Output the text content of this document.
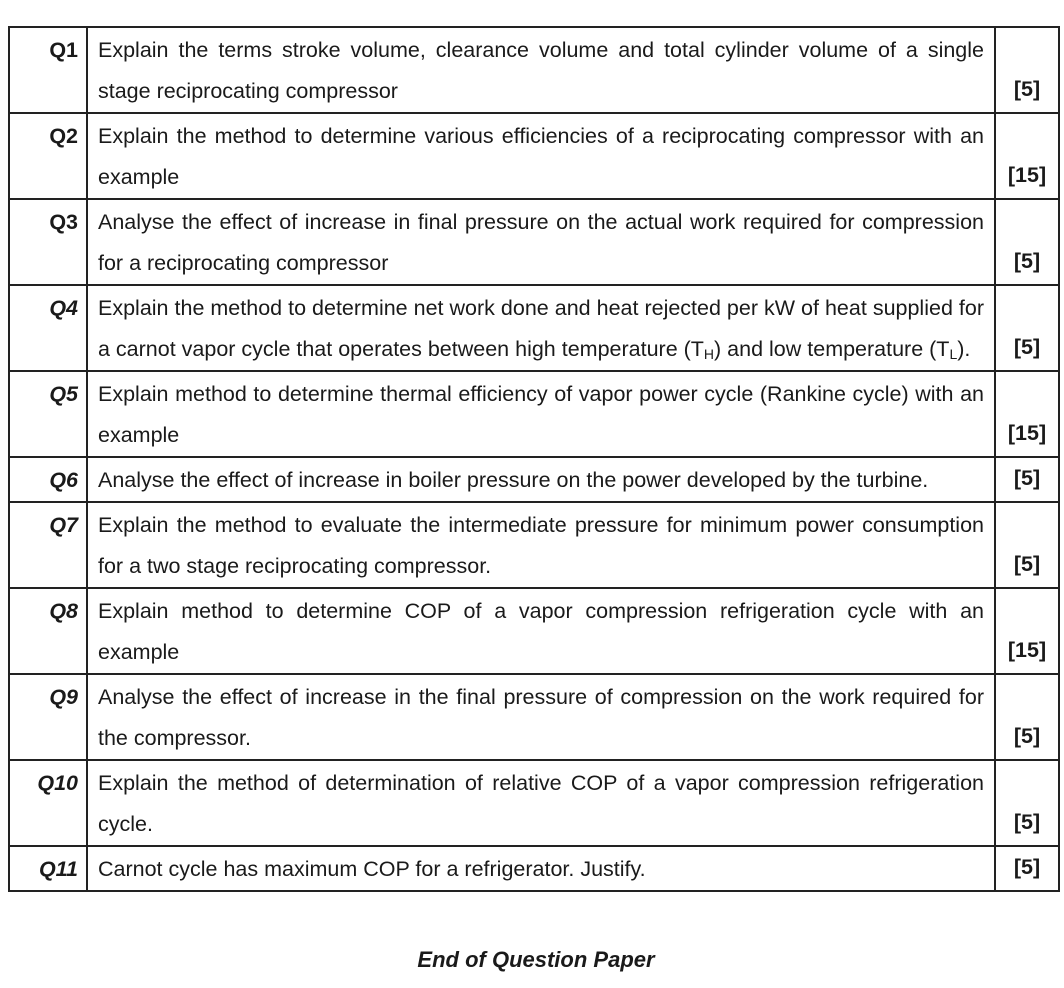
Q1	Explain the terms stroke volume, clearance volume and total cylinder volume of a single stage reciprocating compressor	[5]
Q2	Explain the method to determine various efficiencies of a reciprocating compressor with an example	[15]
Q3	Analyse the effect of increase in final pressure on the actual work required for compression for a reciprocating compressor	[5]
Q4	Explain the method to determine net work done and heat rejected per kW of heat supplied for a carnot vapor cycle that operates between high temperature $(T_H)$ and low temperature $(T_L)$.	[5]
Q5	Explain method to determine thermal efficiency of vapor power cycle (Rankine cycle) with an example	[15]
Q6	Analyse the effect of increase in boiler pressure on the power developed by the turbine.	[5]
Q7	Explain the method to evaluate the intermediate pressure for minimum power consumption for a two stage reciprocating compressor.	[5]
Q8	Explain method to determine COP of a vapor compression refrigeration cycle with an example	[15]
Q9	Analyse the effect of increase in the final pressure of compression on the work required for the compressor.	[5]
Q10	Explain the method of determination of relative COP of a vapor compression refrigeration cycle.	[5]
Q11	Carnot cycle has maximum COP for a refrigerator. Justify.	[5]
End of Question Paper
